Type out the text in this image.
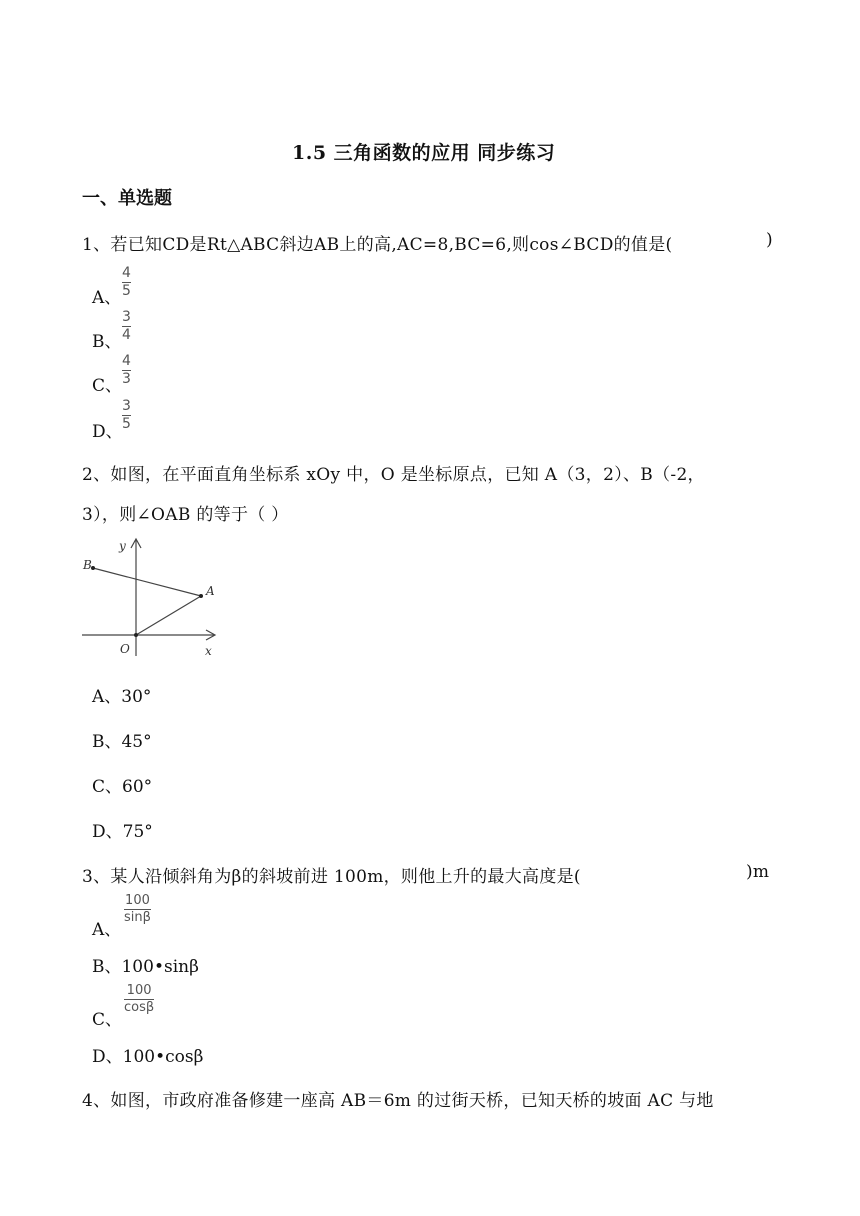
1.5 三角函数的应用 同步练习
一、单选题
1、若已知CD是Rt△ABC斜边AB上的高,AC=8,BC=6,则cos∠BCD的值是(	)
A、
4
5
B、
3
4
C、
4
3
D、
3
5
2、如图，在平面直角坐标系 xOy 中，O 是坐标原点，已知 A（3，2）、B（-2，
3），则∠OAB 的等于（ ）
y
x
O
A
B
A、30°
B、45°
C、60°
D、75°
3、某人沿倾斜角为β的斜坡前进 100m，则他上升的最大高度是(	)m
A、
100
sinβ
B、100•sinβ
C、
100
cosβ
D、100•cosβ
4、如图，市政府准备修建一座高 AB＝6m 的过街天桥，已知天桥的坡面 AC 与地
